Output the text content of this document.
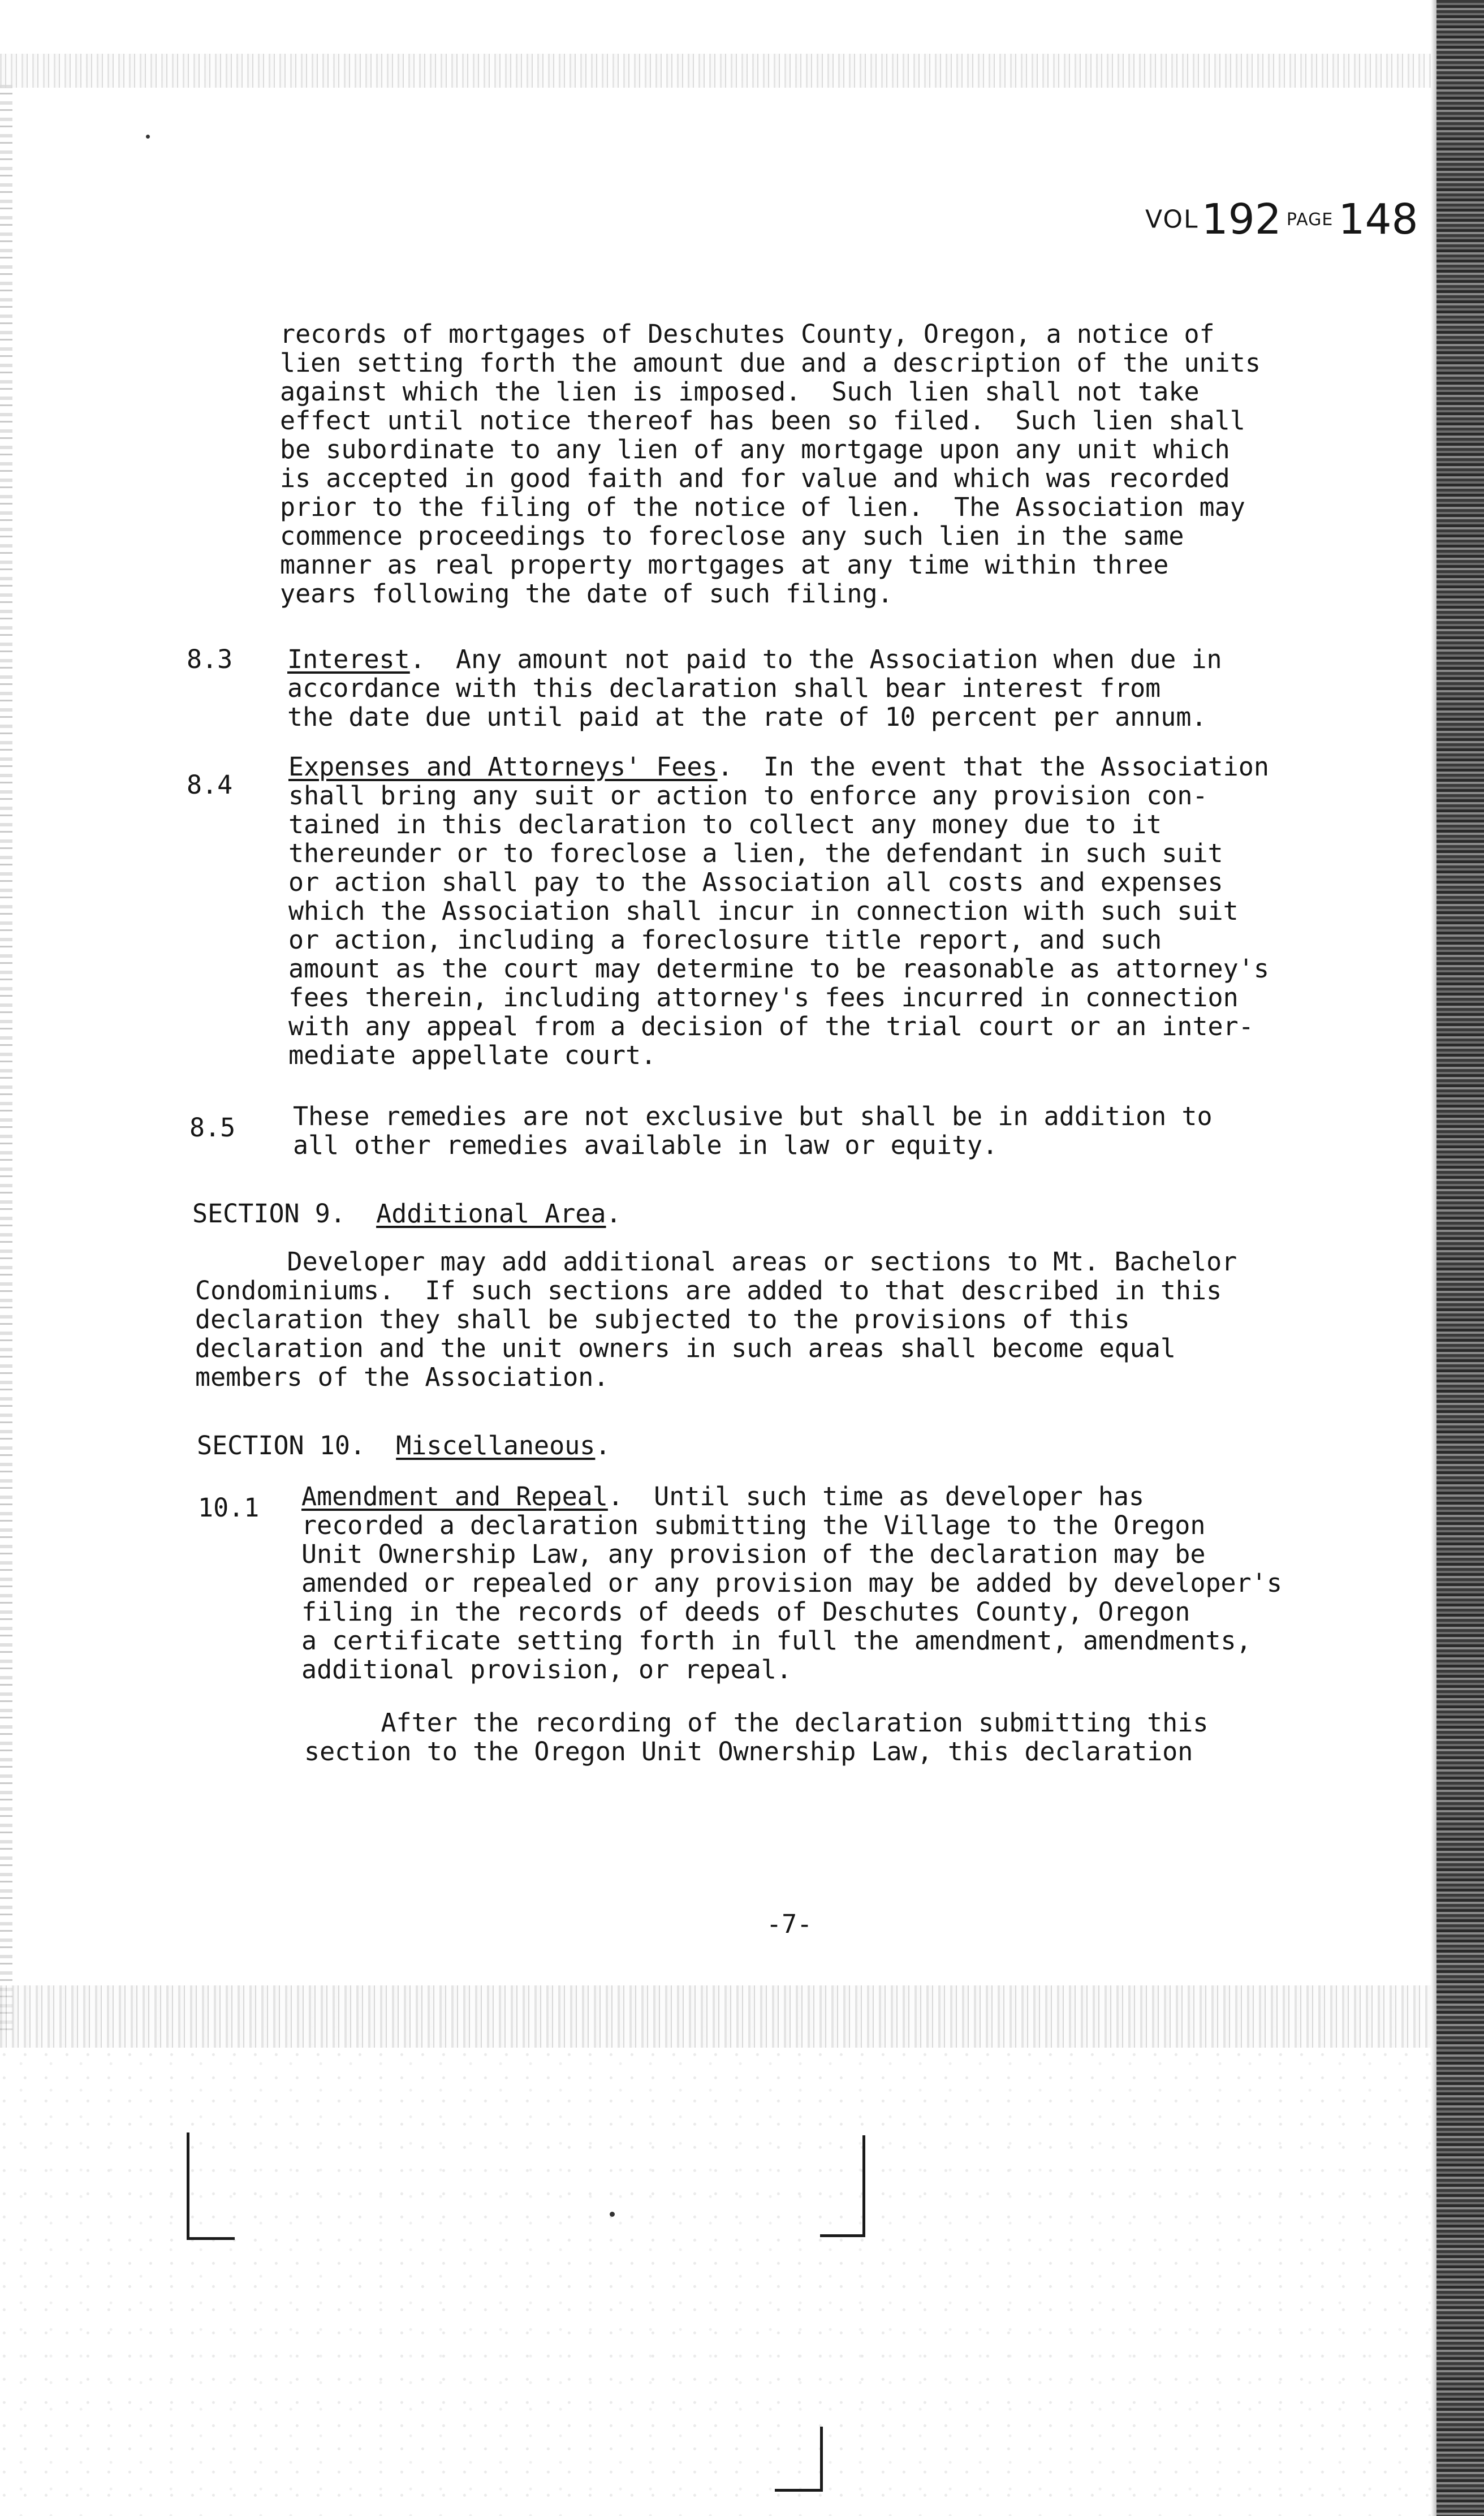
VOL 192 PAGE 148

records of mortgages of Deschutes County, Oregon, a notice of
lien setting forth the amount due and a description of the units
against which the lien is imposed.  Such lien shall not take
effect until notice thereof has been so filed.  Such lien shall
be subordinate to any lien of any mortgage upon any unit which
is accepted in good faith and for value and which was recorded
prior to the filing of the notice of lien.  The Association may
commence proceedings to foreclose any such lien in the same
manner as real property mortgages at any time within three
years following the date of such filing.

8.3 Interest.  Any amount not paid to the Association when due in
accordance with this declaration shall bear interest from
the date due until paid at the rate of 10 percent per annum.

8.4

Expenses and Attorneys' Fees.  In the event that the Association
shall bring any suit or action to enforce any provision con-
tained in this declaration to collect any money due to it
thereunder or to foreclose a lien, the defendant in such suit
or action shall pay to the Association all costs and expenses
which the Association shall incur in connection with such suit
or action, including a foreclosure title report, and such
amount as the court may determine to be reasonable as attorney's
fees therein, including attorney's fees incurred in connection
with any appeal from a decision of the trial court or an inter-
mediate appellate court.

8.5 These remedies are not exclusive but shall be in addition to
all other remedies available in law or equity.

SECTION 9.  Additional Area.

Developer may add additional areas or sections to Mt. Bachelor
Condominiums.  If such sections are added to that described in this
declaration they shall be subjected to the provisions of this
declaration and the unit owners in such areas shall become equal
members of the Association.

SECTION 10.  Miscellaneous.

10.1 Amendment and Repeal.  Until such time as developer has
recorded a declaration submitting the Village to the Oregon
Unit Ownership Law, any provision of the declaration may be
amended or repealed or any provision may be added by developer's
filing in the records of deeds of Deschutes County, Oregon
a certificate setting forth in full the amendment, amendments,
additional provision, or repeal.

After the recording of the declaration submitting this
section to the Oregon Unit Ownership Law, this declaration

-7-
